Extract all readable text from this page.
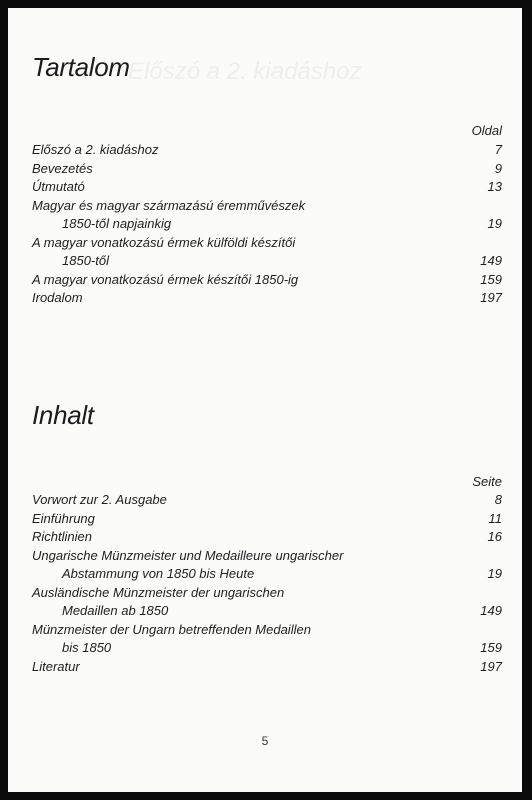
Előszó a 2. kiadáshoz
Tartalom
Oldal
Előszó a 2. kiadáshoz	7
Bevezetés	9
Útmutató	13
Magyar és magyar származású éremművészek
1850-től napjainkig	19
A magyar vonatkozású érmek külföldi készítői
1850-től	149
A magyar vonatkozású érmek készítői 1850-ig	159
Irodalom	197
Inhalt
Seite
Vorwort zur 2. Ausgabe	8
Einführung	11
Richtlinien	16
Ungarische Münzmeister und Medailleure ungarischer
Abstammung von 1850 bis Heute	19
Ausländische Münzmeister der ungarischen
Medaillen ab 1850	149
Münzmeister der Ungarn betreffenden Medaillen
bis 1850	159
Literatur	197
5
